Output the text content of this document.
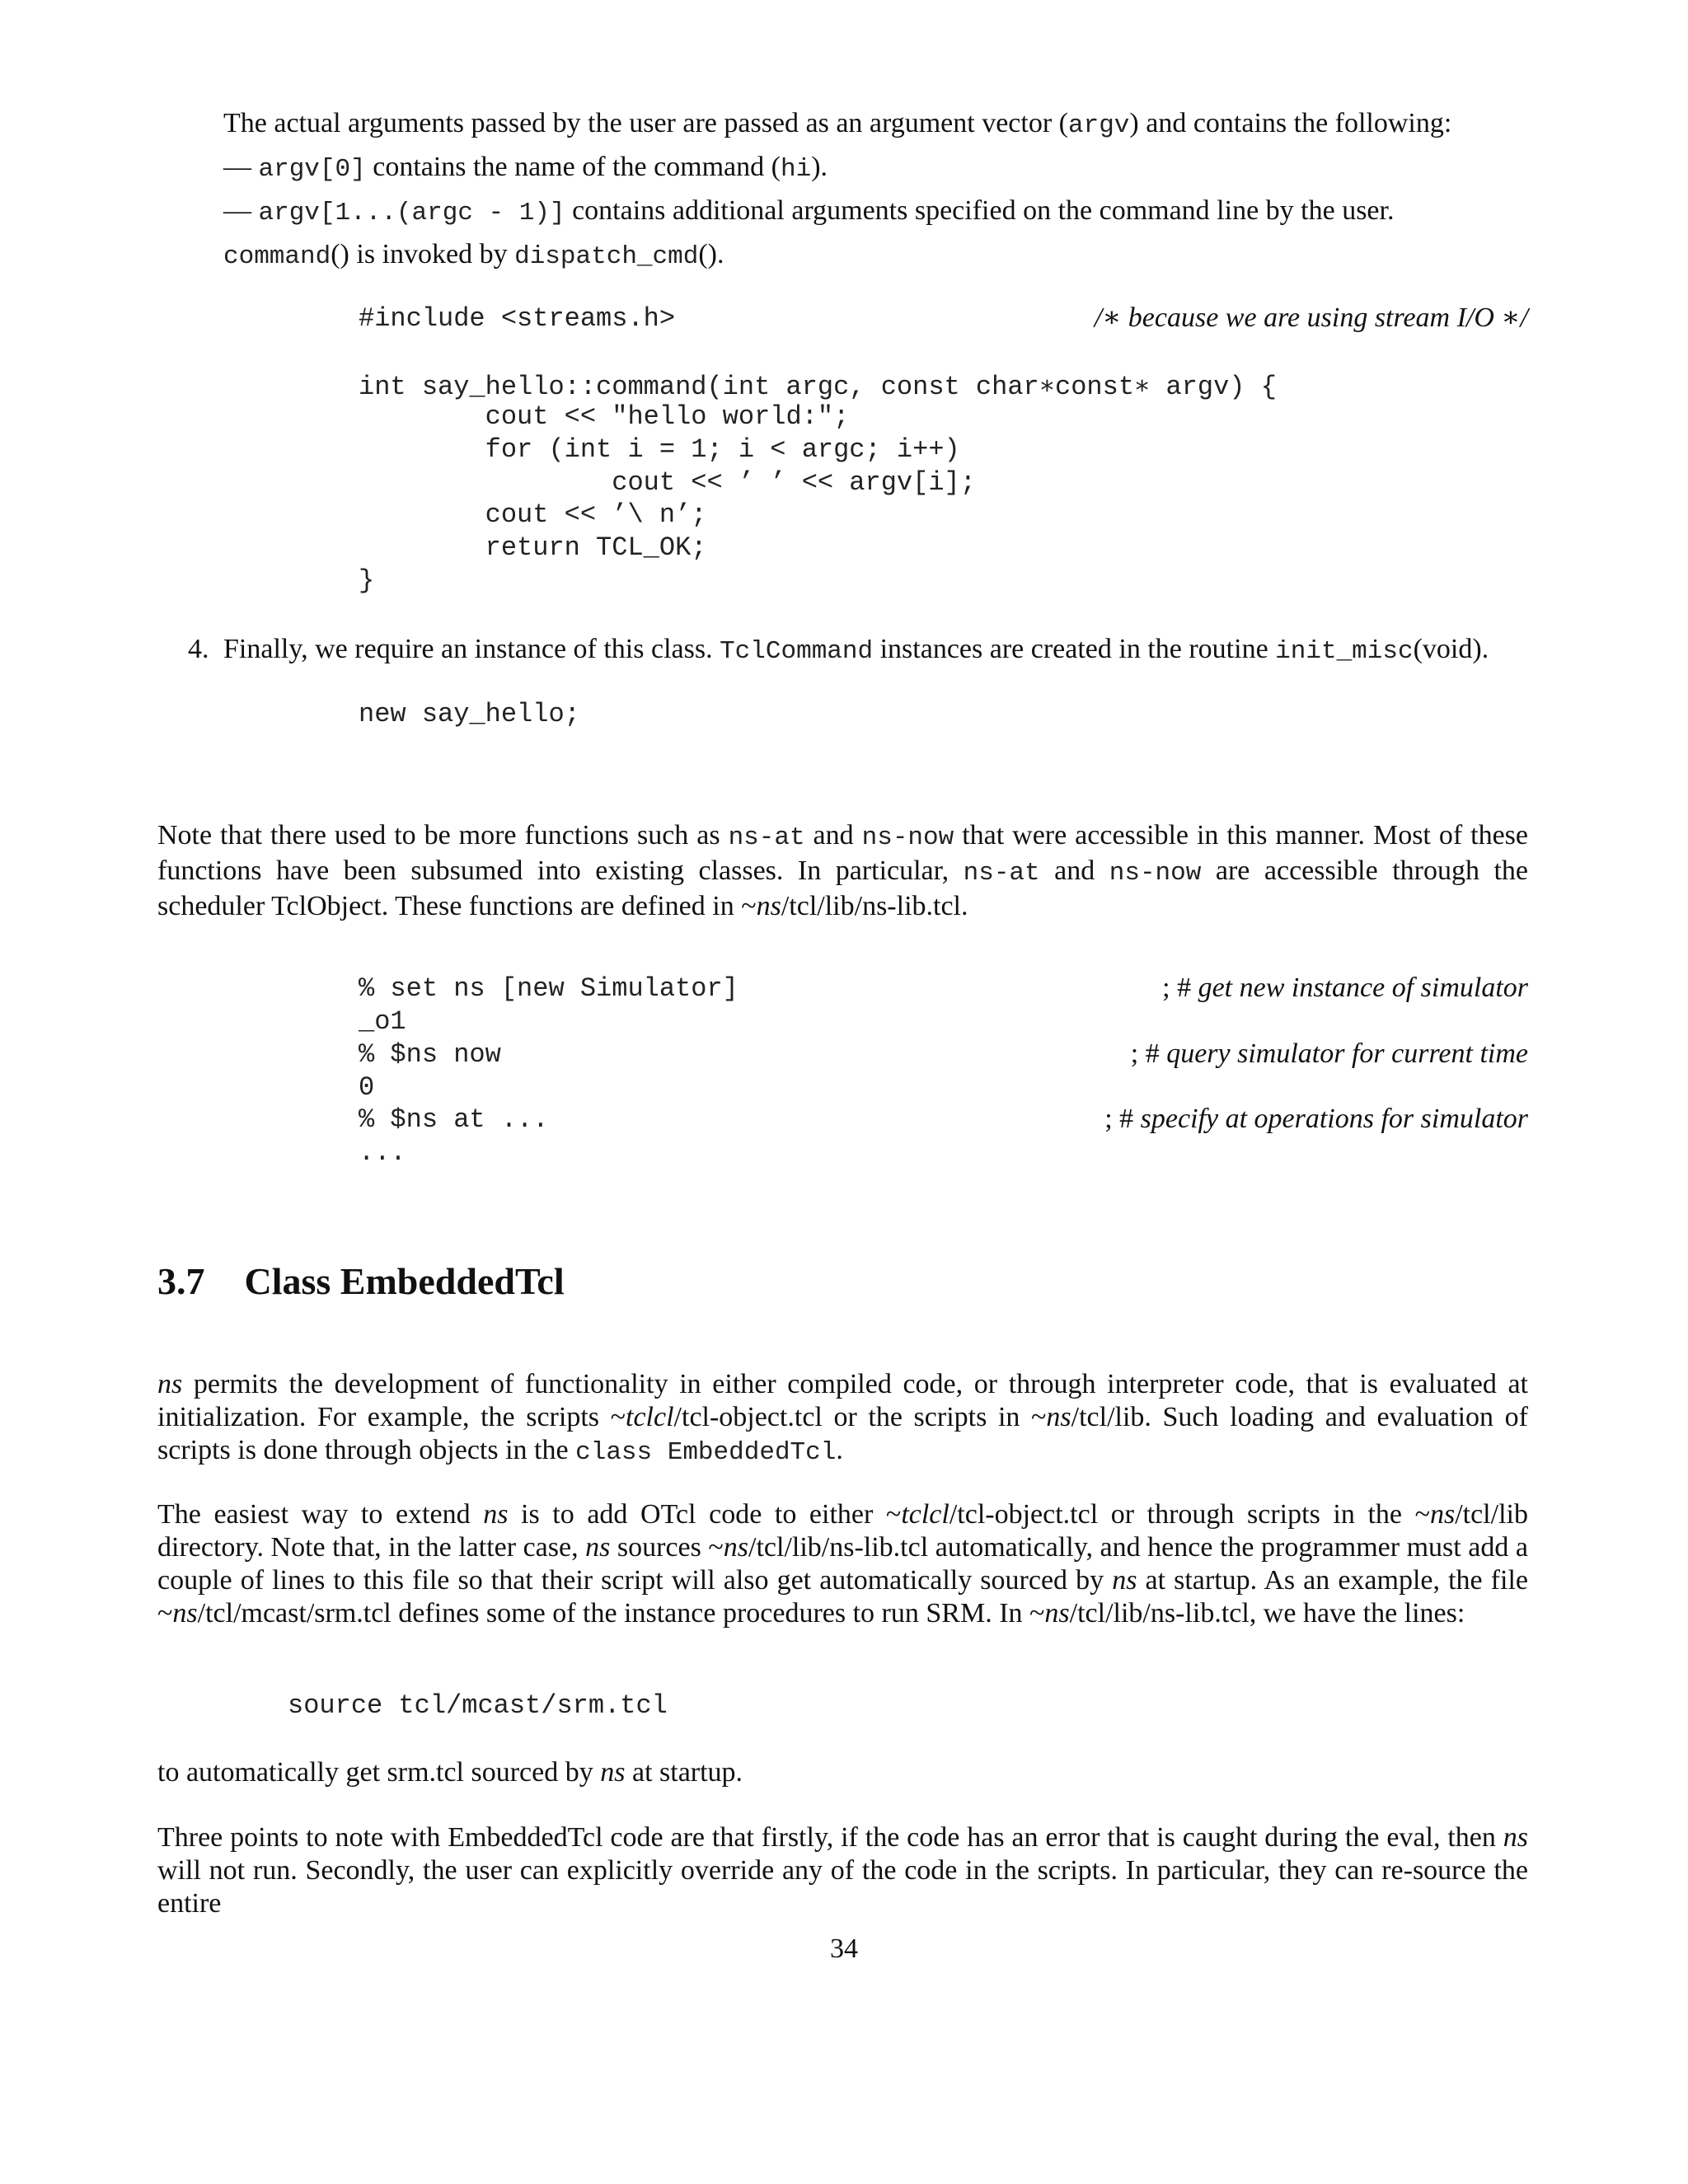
The actual arguments passed by the user are passed as an argument vector (argv) and contains the following:
— argv[0] contains the name of the command (hi).
— argv[1...(argc - 1)] contains additional arguments specified on the command line by the user.
command() is invoked by dispatch_cmd().
#include <streams.h>	/∗ because we are using stream I/O ∗/
int say_hello::command(int argc, const char∗const∗ argv) {
cout << "hello world:";
for (int i = 1; i < argc; i++)
cout << ’ ’ << argv[i];
cout << ’\ n’;
return TCL_OK;
}
4. Finally, we require an instance of this class. TclCommand instances are created in the routine init_misc(void).
new say_hello;

Note that there used to be more functions such as ns-at and ns-now that were accessible in this manner. Most of these functions have been subsumed into existing classes. In particular, ns-at and ns-now are accessible through the scheduler TclObject. These functions are defined in ~ns/tcl/lib/ns-lib.tcl.

% set ns [new Simulator]	; # get new instance of simulator
_o1
% $ns now	; # query simulator for current time
0
% $ns at ...	; # specify at operations for simulator
...
3.7 Class EmbeddedTcl

ns permits the development of functionality in either compiled code, or through interpreter code, that is evaluated at initialization. For example, the scripts ~tclcl/tcl-object.tcl or the scripts in ~ns/tcl/lib. Such loading and evaluation of scripts is done through objects in the class EmbeddedTcl.

The easiest way to extend ns is to add OTcl code to either ~tclcl/tcl-object.tcl or through scripts in the ~ns/tcl/lib directory. Note that, in the latter case, ns sources ~ns/tcl/lib/ns-lib.tcl automatically, and hence the programmer must add a couple of lines to this file so that their script will also get automatically sourced by ns at startup. As an example, the file ~ns/tcl/mcast/srm.tcl defines some of the instance procedures to run SRM. In ~ns/tcl/lib/ns-lib.tcl, we have the lines:

source tcl/mcast/srm.tcl
to automatically get srm.tcl sourced by ns at startup.

Three points to note with EmbeddedTcl code are that firstly, if the code has an error that is caught during the eval, then ns will not run. Secondly, the user can explicitly override any of the code in the scripts. In particular, they can re-source the entire

34
